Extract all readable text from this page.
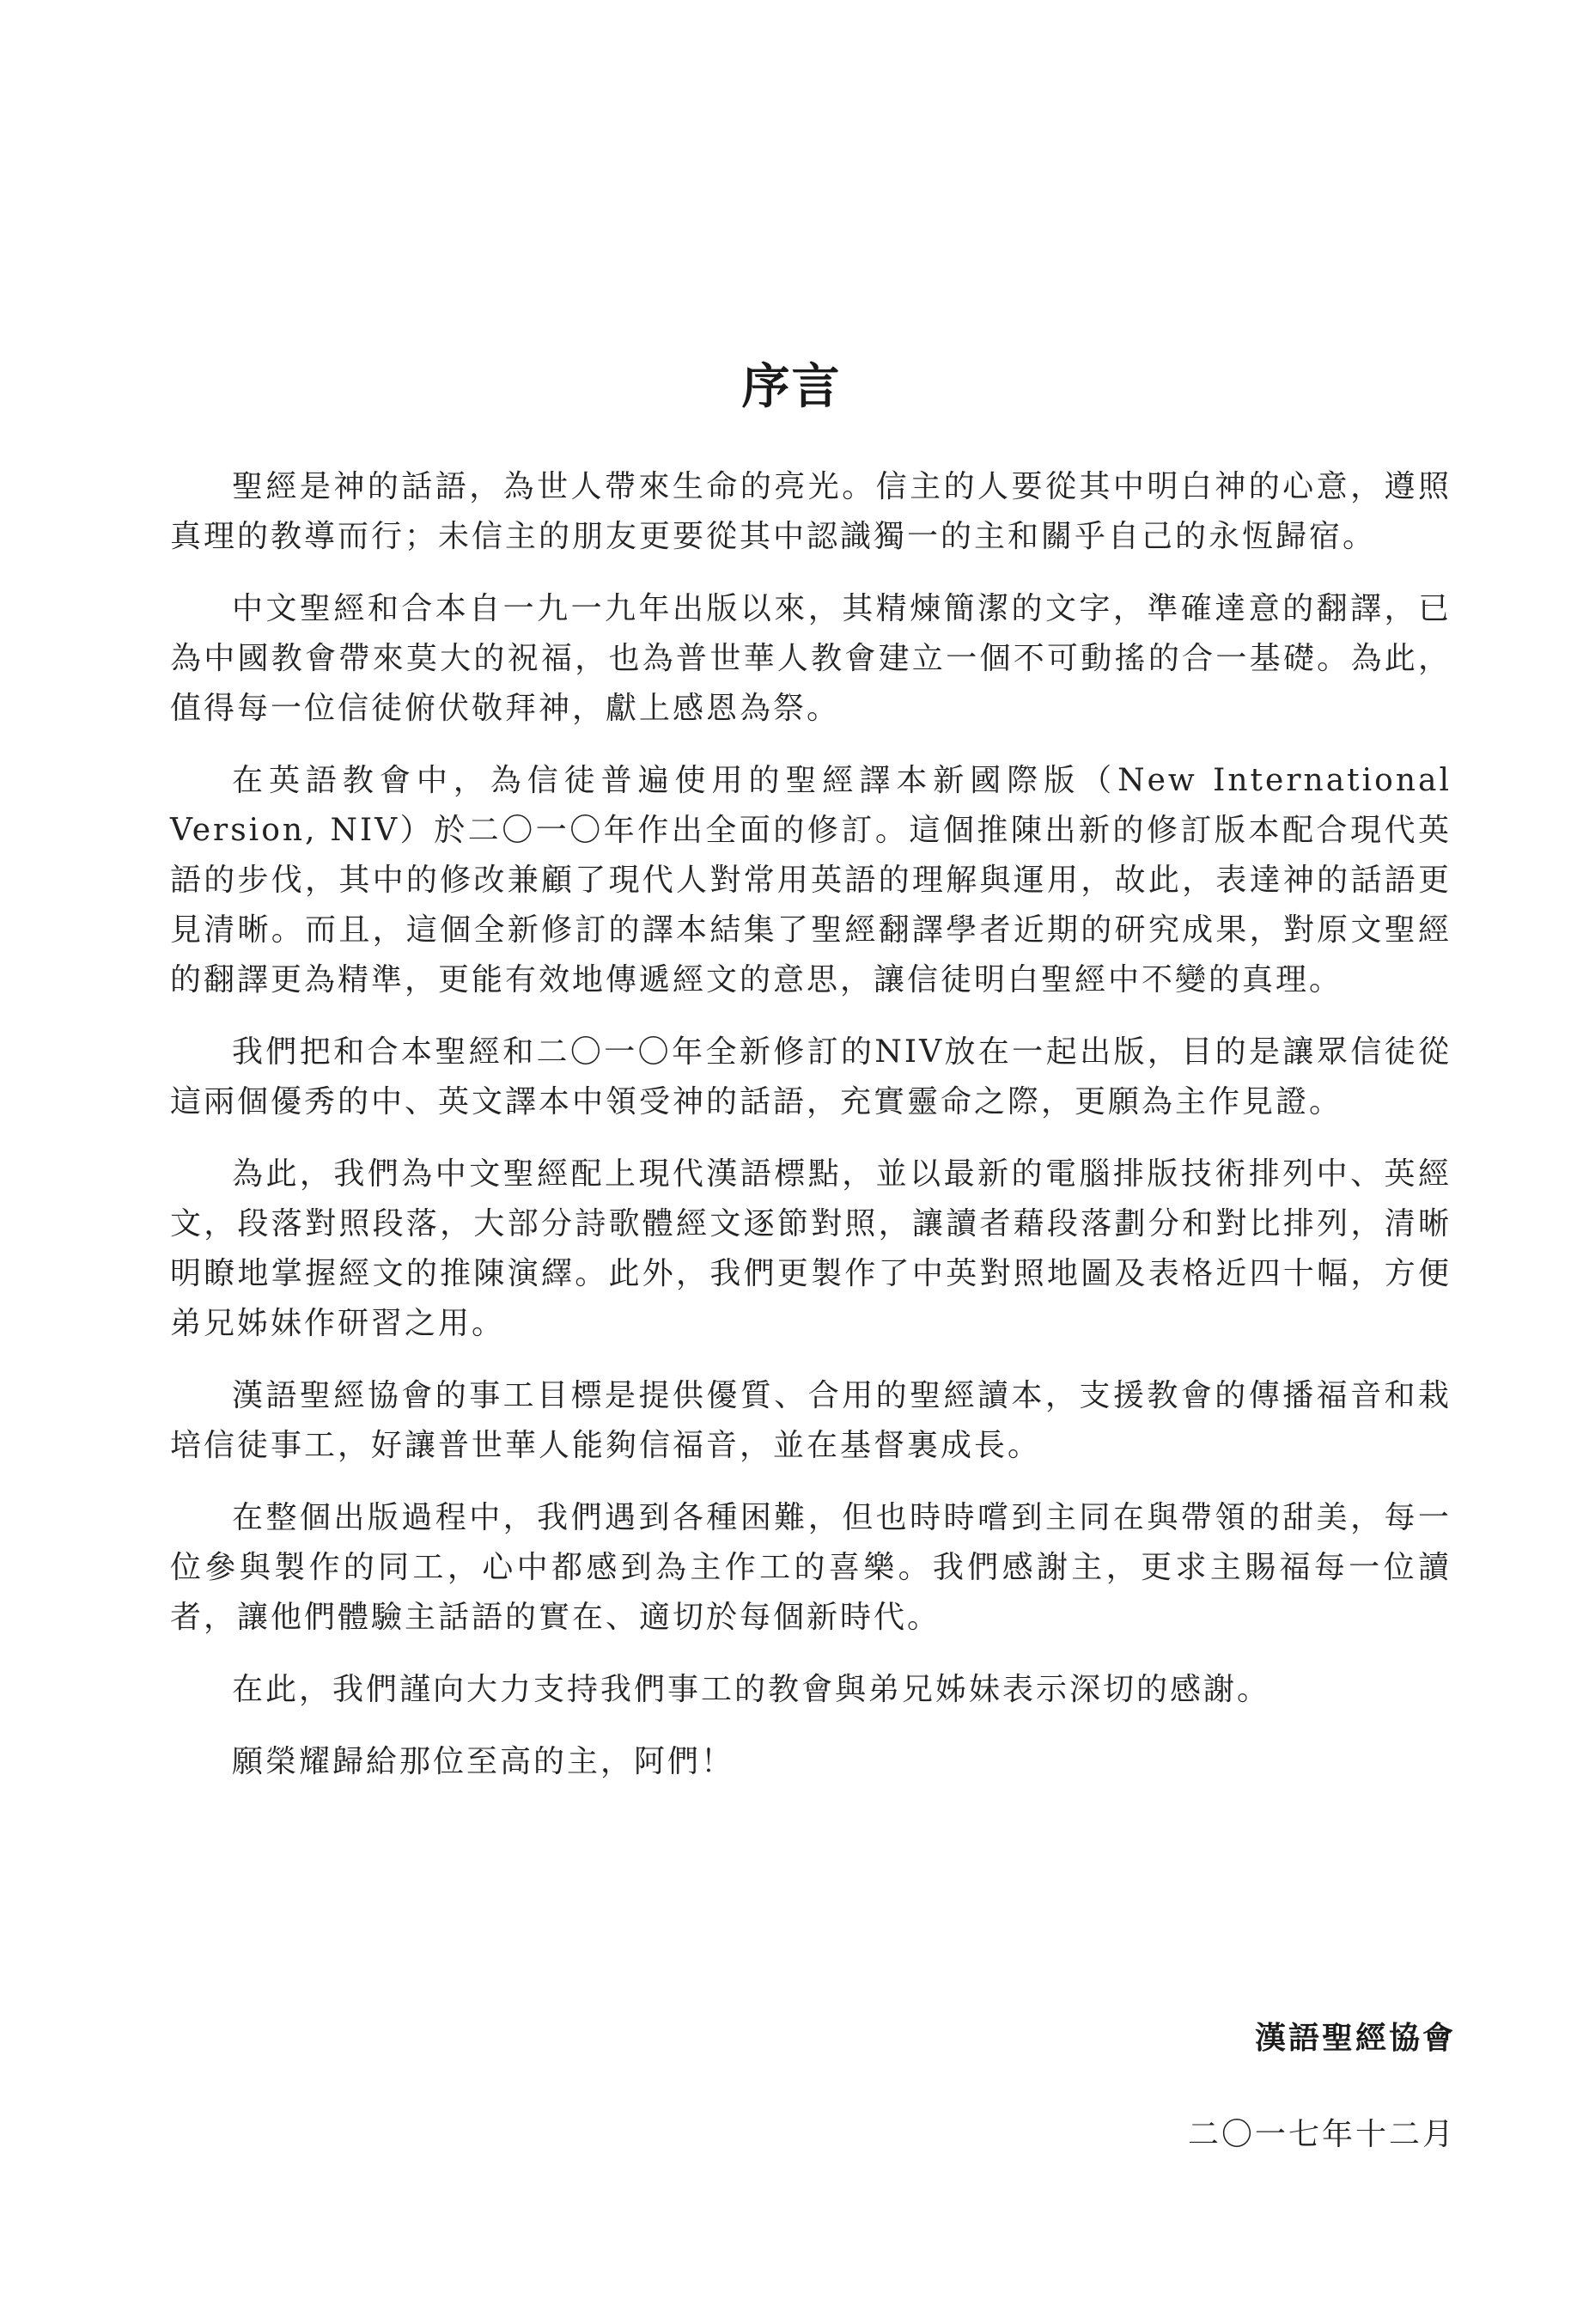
序言

聖經是神的話語，為世人帶來生命的亮光。信主的人要從其中明白神的心意，遵照真理的教導而行；未信主的朋友更要從其中認識獨一的主和關乎自己的永恆歸宿。

中文聖經和合本自一九一九年出版以來，其精煉簡潔的文字，準確達意的翻譯，已為中國教會帶來莫大的祝福，也為普世華人教會建立一個不可動搖的合一基礎。為此，值得每一位信徒俯伏敬拜神，獻上感恩為祭。

在英語教會中，為信徒普遍使用的聖經譯本新國際版（New International Version, NIV）於二〇一〇年作出全面的修訂。這個推陳出新的修訂版本配合現代英語的步伐，其中的修改兼顧了現代人對常用英語的理解與運用，故此，表達神的話語更見清晰。而且，這個全新修訂的譯本結集了聖經翻譯學者近期的研究成果，對原文聖經的翻譯更為精準，更能有效地傳遞經文的意思，讓信徒明白聖經中不變的真理。

我們把和合本聖經和二〇一〇年全新修訂的NIV放在一起出版，目的是讓眾信徒從這兩個優秀的中、英文譯本中領受神的話語，充實靈命之際，更願為主作見證。

為此，我們為中文聖經配上現代漢語標點，並以最新的電腦排版技術排列中、英經文，段落對照段落，大部分詩歌體經文逐節對照，讓讀者藉段落劃分和對比排列，清晰明瞭地掌握經文的推陳演繹。此外，我們更製作了中英對照地圖及表格近四十幅，方便弟兄姊妹作研習之用。

漢語聖經協會的事工目標是提供優質、合用的聖經讀本，支援教會的傳播福音和栽培信徒事工，好讓普世華人能夠信福音，並在基督裏成長。

在整個出版過程中，我們遇到各種困難，但也時時嚐到主同在與帶領的甜美，每一位參與製作的同工，心中都感到為主作工的喜樂。我們感謝主，更求主賜福每一位讀者，讓他們體驗主話語的實在、適切於每個新時代。

在此，我們謹向大力支持我們事工的教會與弟兄姊妹表示深切的感謝。

願榮耀歸給那位至高的主，阿們！

漢語聖經協會
二〇一七年十二月
